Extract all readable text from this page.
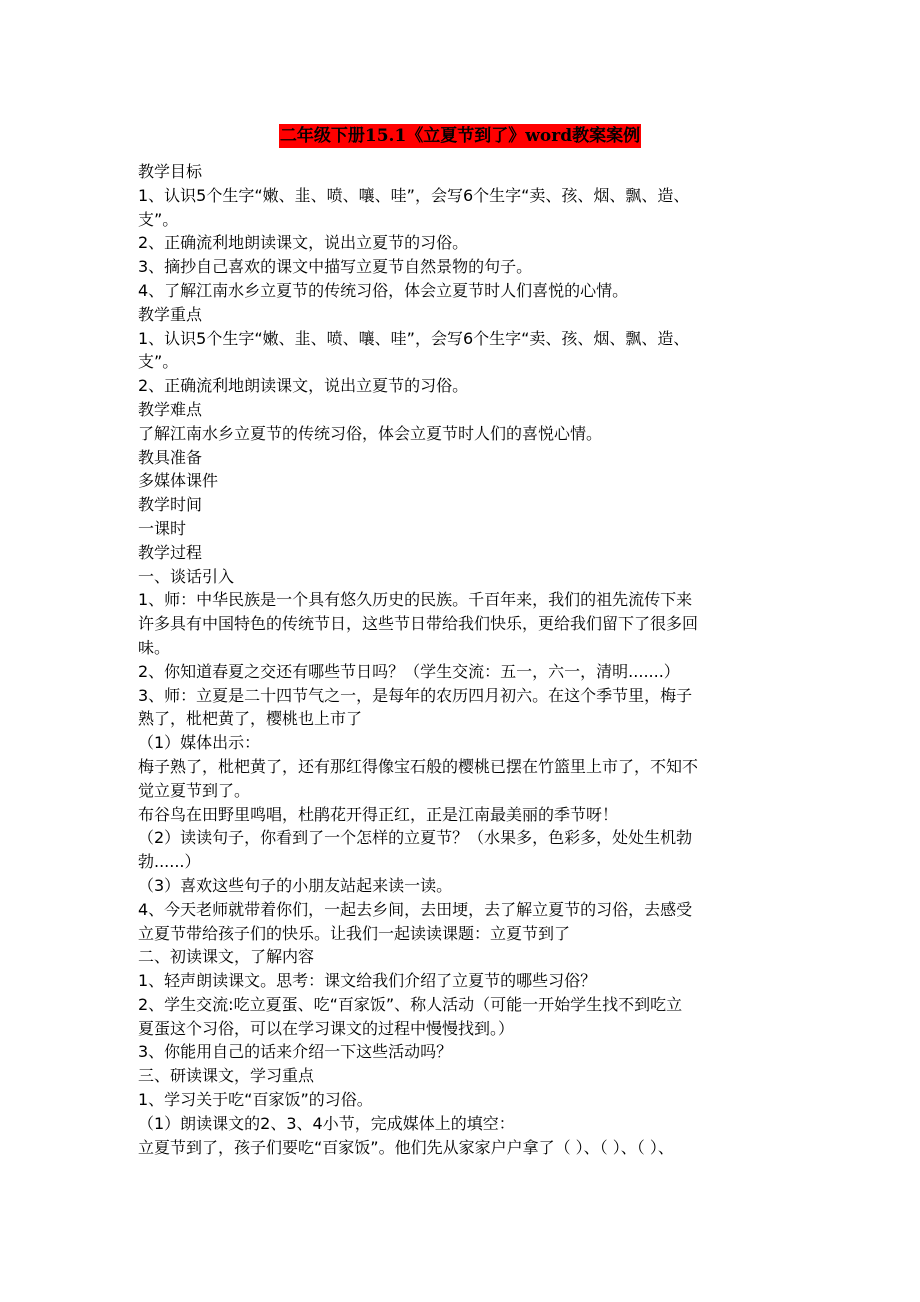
二年级下册15.1《立夏节到了》word教案案例
教学目标
1、认识5个生字“嫩、韭、喷、嚷、哇”，会写6个生字“卖、孩、烟、飘、造、
支”。
2、正确流利地朗读课文，说出立夏节的习俗。
3、摘抄自己喜欢的课文中描写立夏节自然景物的句子。
4、了解江南水乡立夏节的传统习俗，体会立夏节时人们喜悦的心情。
教学重点
1、认识5个生字“嫩、韭、喷、嚷、哇”，会写6个生字“卖、孩、烟、飘、造、
支”。
2、正确流利地朗读课文，说出立夏节的习俗。
教学难点
了解江南水乡立夏节的传统习俗，体会立夏节时人们的喜悦心情。
教具准备
多媒体课件
教学时间
一课时
教学过程
一、谈话引入
1、师：中华民族是一个具有悠久历史的民族。千百年来，我们的祖先流传下来
许多具有中国特色的传统节日，这些节日带给我们快乐，更给我们留下了很多回
味。
2、你知道春夏之交还有哪些节日吗？（学生交流：五一，六一，清明.......）
3、师：立夏是二十四节气之一，是每年的农历四月初六。在这个季节里，梅子
熟了，枇杷黄了，樱桃也上市了
（1）媒体出示：
梅子熟了，枇杷黄了，还有那红得像宝石般的樱桃已摆在竹篮里上市了，不知不
觉立夏节到了。
布谷鸟在田野里鸣唱，杜鹃花开得正红，正是江南最美丽的季节呀！
（2）读读句子，你看到了一个怎样的立夏节？（水果多，色彩多，处处生机勃
勃......）
（3）喜欢这些句子的小朋友站起来读一读。
4、今天老师就带着你们，一起去乡间，去田埂，去了解立夏节的习俗，去感受
立夏节带给孩子们的快乐。让我们一起读读课题：立夏节到了
二、初读课文，了解内容
1、轻声朗读课文。思考：课文给我们介绍了立夏节的哪些习俗？
2、学生交流:吃立夏蛋、吃“百家饭”、称人活动（可能一开始学生找不到吃立
夏蛋这个习俗，可以在学习课文的过程中慢慢找到。）
3、你能用自己的话来介绍一下这些活动吗？
三、研读课文，学习重点
1、学习关于吃“百家饭”的习俗。
（1）朗读课文的2、3、4小节，完成媒体上的填空：
立夏节到了，孩子们要吃“百家饭”。他们先从家家户户拿了（ ）、（ ）、（ ）、
